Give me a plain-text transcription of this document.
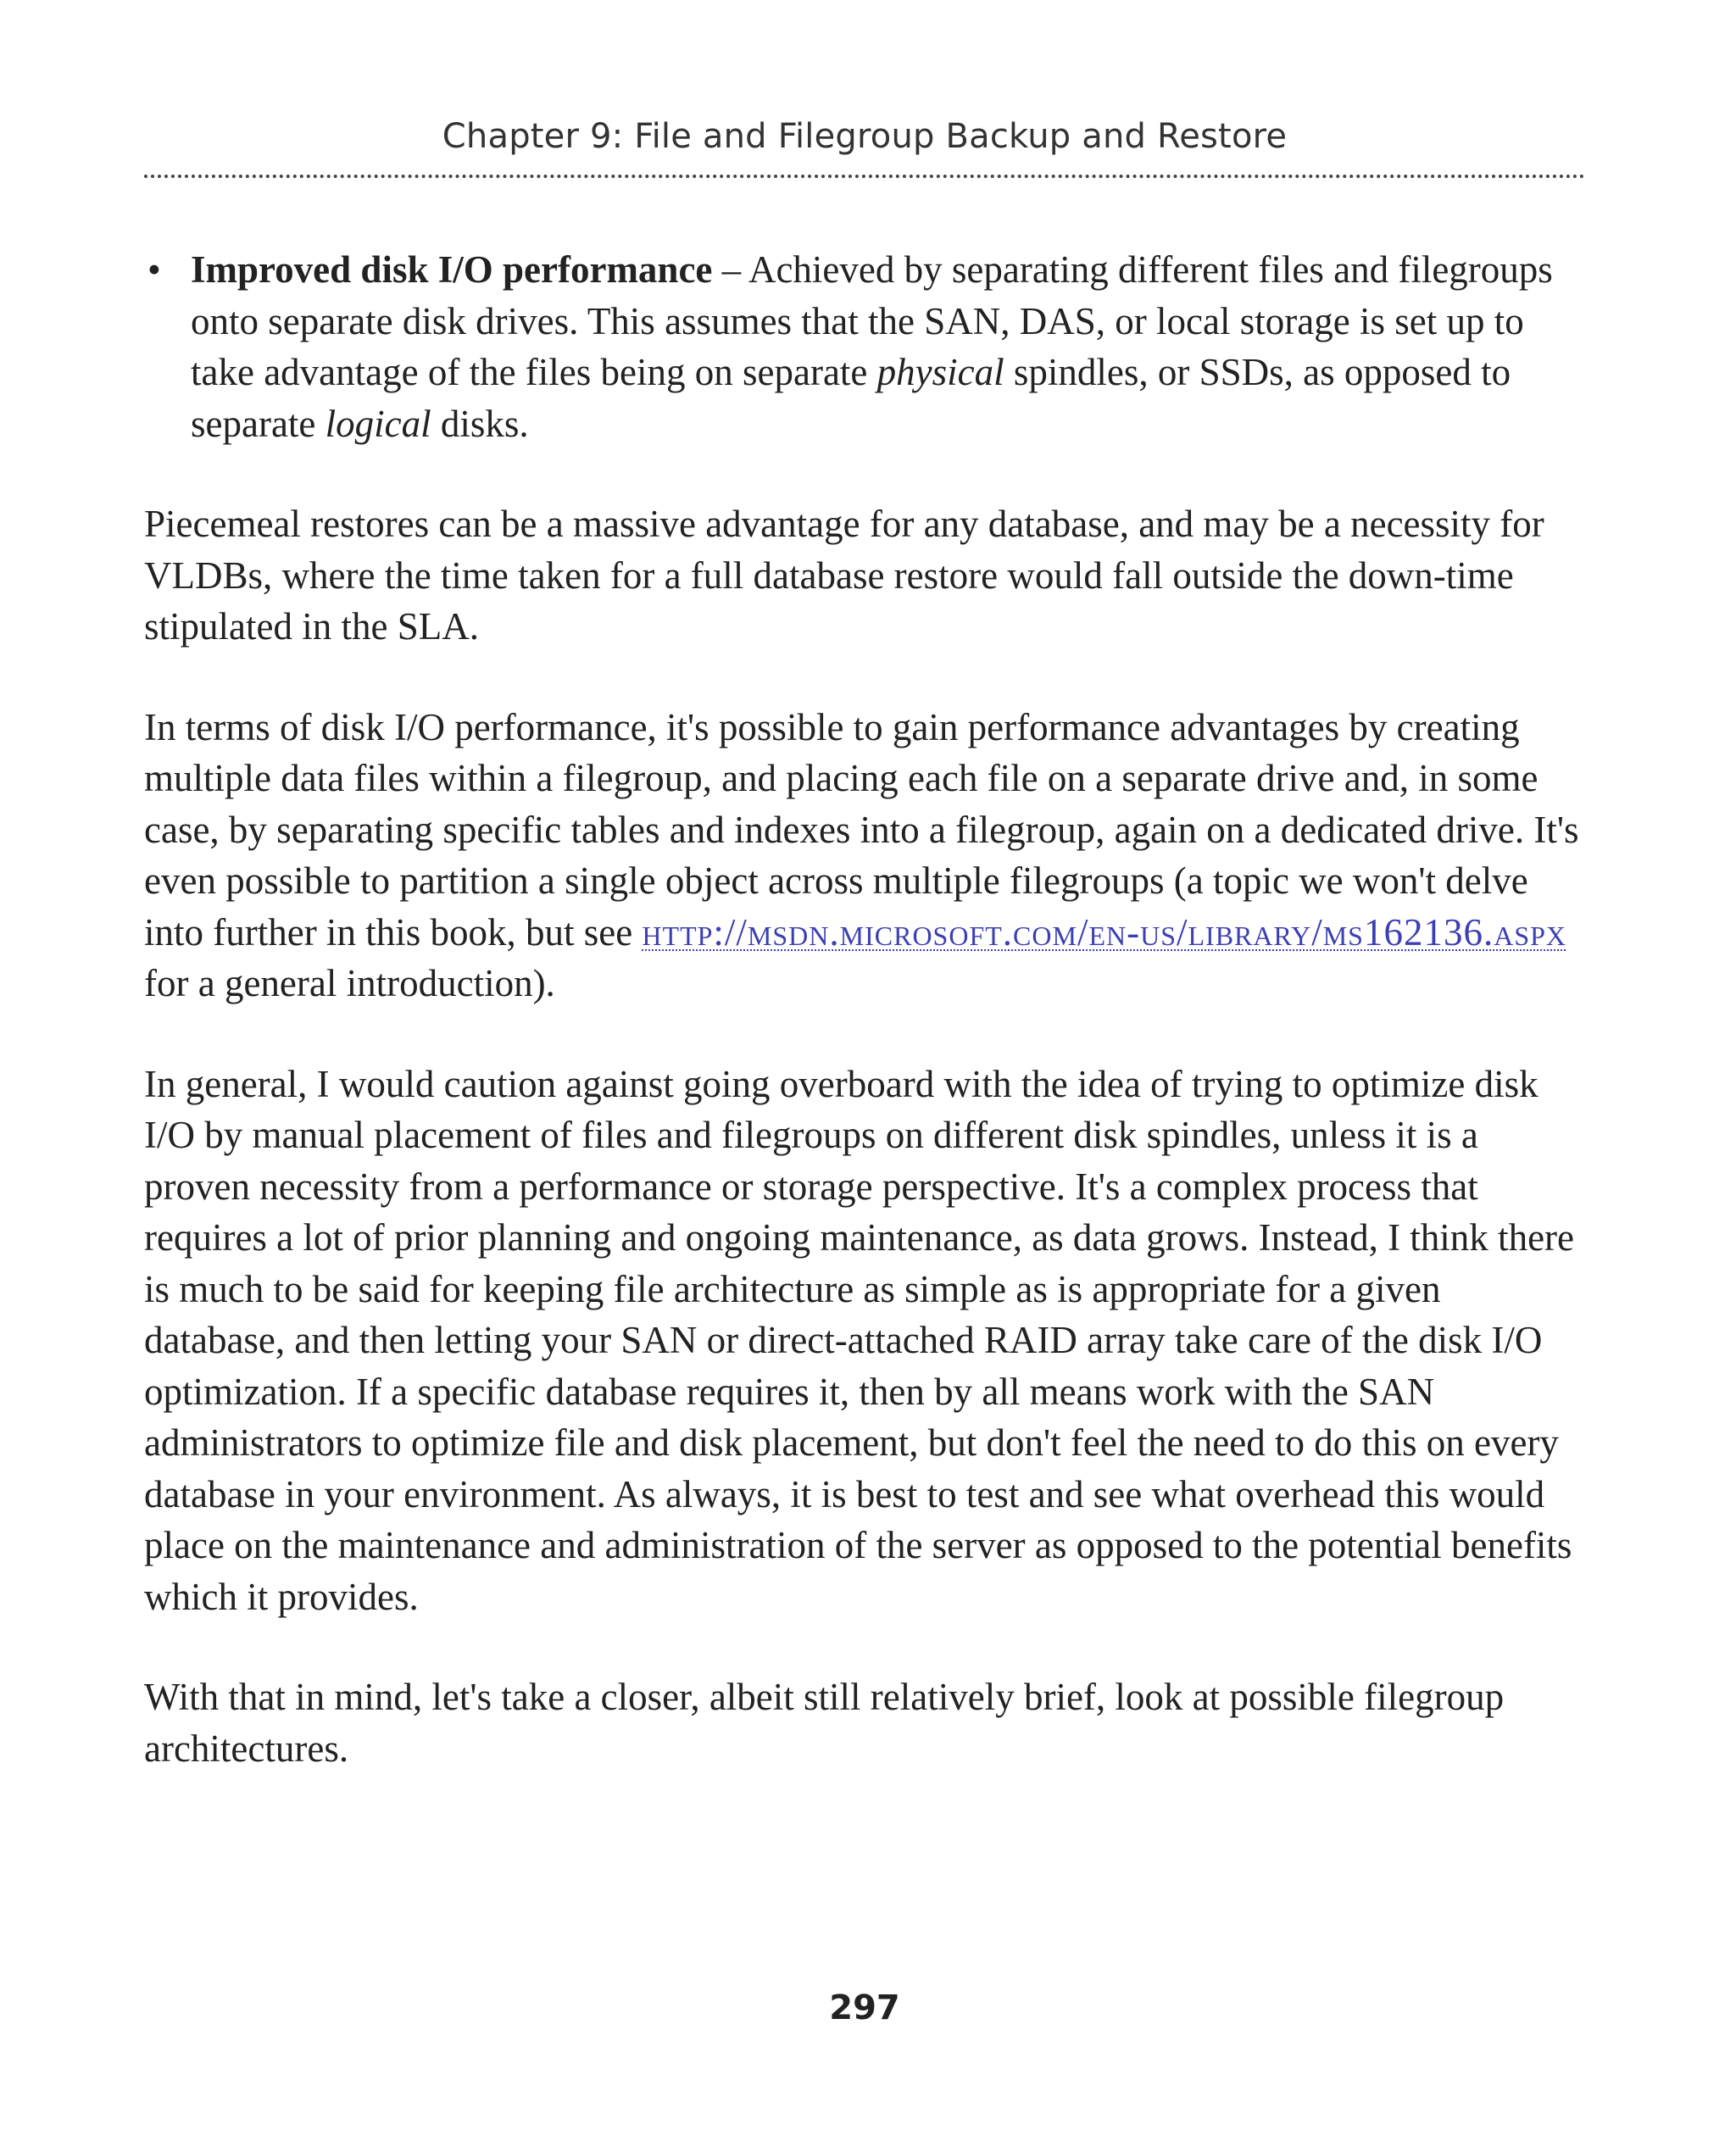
Chapter 9: File and Filegroup Backup and Restore
• Improved disk I/O performance – Achieved by separating different files and filegroups onto separate disk drives. This assumes that the SAN, DAS, or local storage is set up to take advantage of the files being on separate physical spindles, or SSDs, as opposed to separate logical disks.

Piecemeal restores can be a massive advantage for any database, and may be a necessity for VLDBs, where the time taken for a full database restore would fall outside the down-time stipulated in the SLA.

In terms of disk I/O performance, it's possible to gain performance advantages by creating multiple data files within a filegroup, and placing each file on a separate drive and, in some case, by separating specific tables and indexes into a filegroup, again on a dedicated drive. It's even possible to partition a single object across multiple filegroups (a topic we won't delve into further in this book, but see http://msdn.microsoft.com/en-us/library/ms162136.aspx for a general introduction).

In general, I would caution against going overboard with the idea of trying to optimize disk I/O by manual placement of files and filegroups on different disk spindles, unless it is a proven necessity from a performance or storage perspective. It's a complex process that requires a lot of prior planning and ongoing maintenance, as data grows. Instead, I think there is much to be said for keeping file architecture as simple as is appropriate for a given database, and then letting your SAN or direct-attached RAID array take care of the disk I/O optimization. If a specific database requires it, then by all means work with the SAN administrators to optimize file and disk placement, but don't feel the need to do this on every database in your environment. As always, it is best to test and see what overhead this would place on the maintenance and administration of the server as opposed to the potential benefits which it provides.

With that in mind, let's take a closer, albeit still relatively brief, look at possible filegroup architectures.

297
